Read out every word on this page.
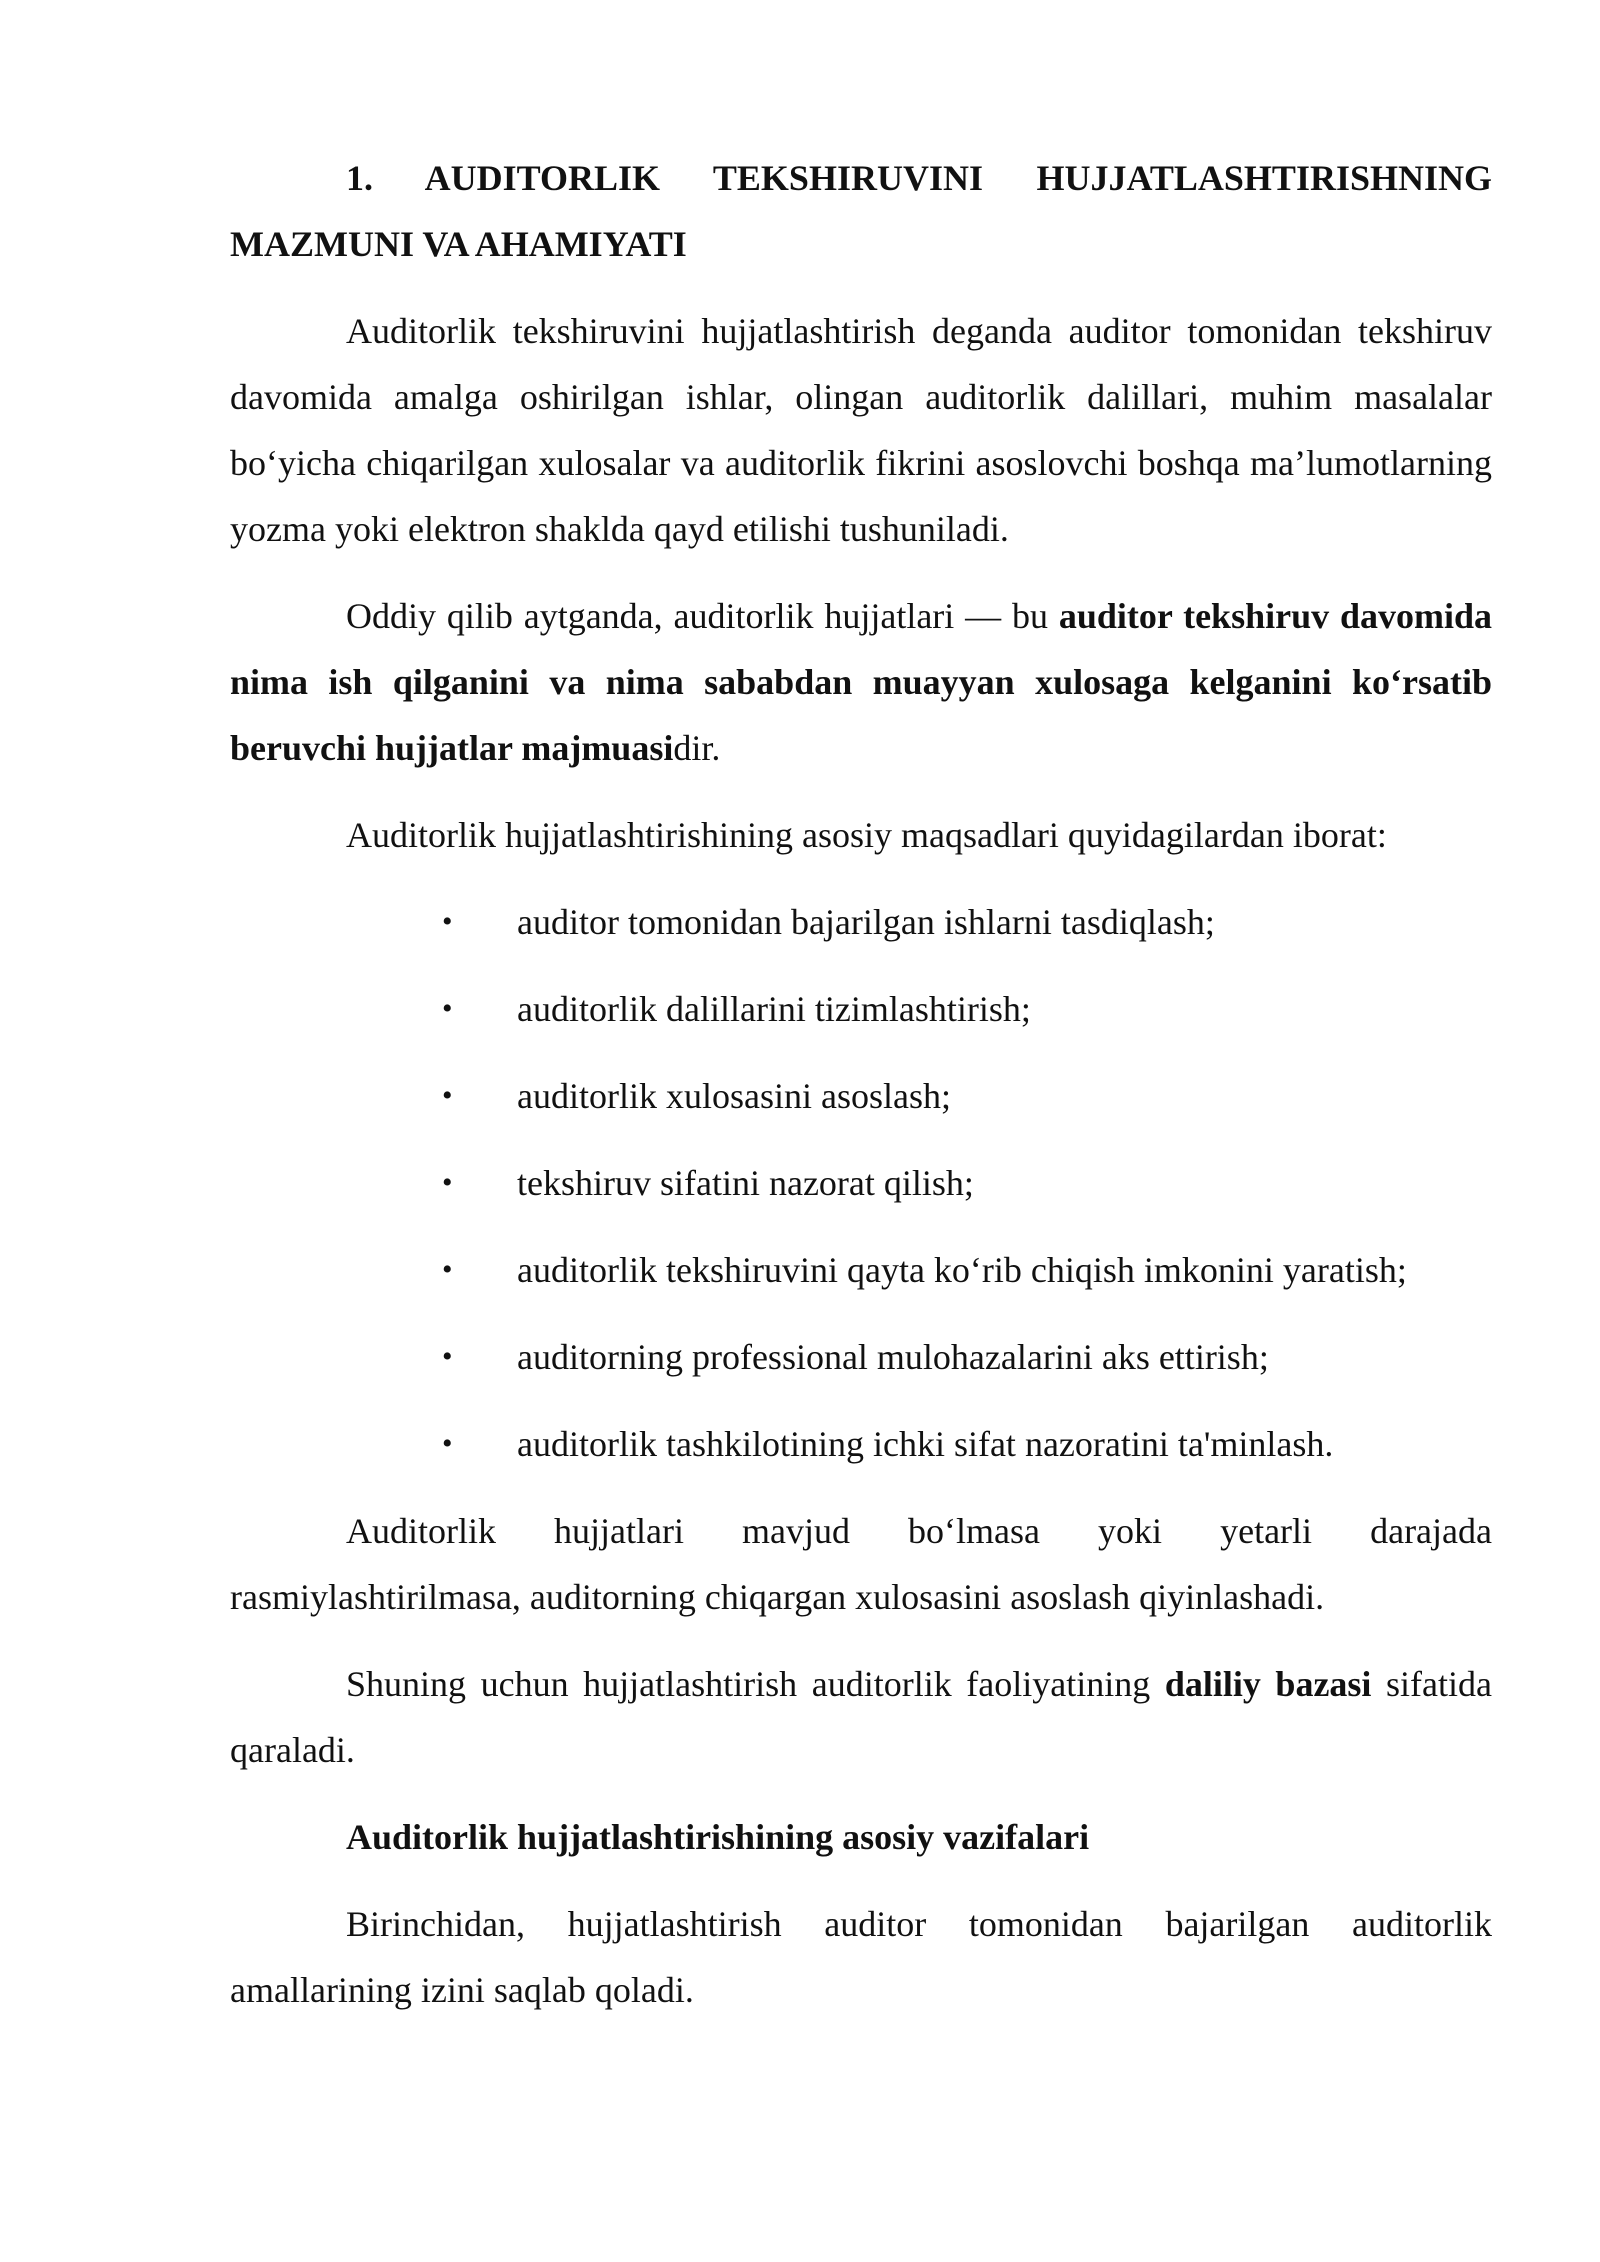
1. AUDITORLIK TEKSHIRUVINI HUJJATLASHTIRISHNING MAZMUNI VA AHAMIYATI

Auditorlik tekshiruvini hujjatlashtirish deganda auditor tomonidan tekshiruv davomida amalga oshirilgan ishlar, olingan auditorlik dalillari, muhim masalalar bo‘yicha chiqarilgan xulosalar va auditorlik fikrini asoslovchi boshqa ma’lumotlarning yozma yoki elektron shaklda qayd etilishi tushuniladi.

Oddiy qilib aytganda, auditorlik hujjatlari — bu auditor tekshiruv davomida nima ish qilganini va nima sababdan muayyan xulosaga kelganini ko‘rsatib beruvchi hujjatlar majmuasidir.

Auditorlik hujjatlashtirishining asosiy maqsadlari quyidagilardan iborat:

• auditor tomonidan bajarilgan ishlarni tasdiqlash;
• auditorlik dalillarini tizimlashtirish;
• auditorlik xulosasini asoslash;
• tekshiruv sifatini nazorat qilish;
• auditorlik tekshiruvini qayta ko‘rib chiqish imkonini yaratish;
• auditorning professional mulohazalarini aks ettirish;
• auditorlik tashkilotining ichki sifat nazoratini ta'minlash.

Auditorlik hujjatlari mavjud bo‘lmasa yoki yetarli darajada rasmiylashtirilmasa, auditorning chiqargan xulosasini asoslash qiyinlashadi.

Shuning uchun hujjatlashtirish auditorlik faoliyatining daliliy bazasi sifatida qaraladi.

Auditorlik hujjatlashtirishining asosiy vazifalari

Birinchidan, hujjatlashtirish auditor tomonidan bajarilgan auditorlik amallarining izini saqlab qoladi.
